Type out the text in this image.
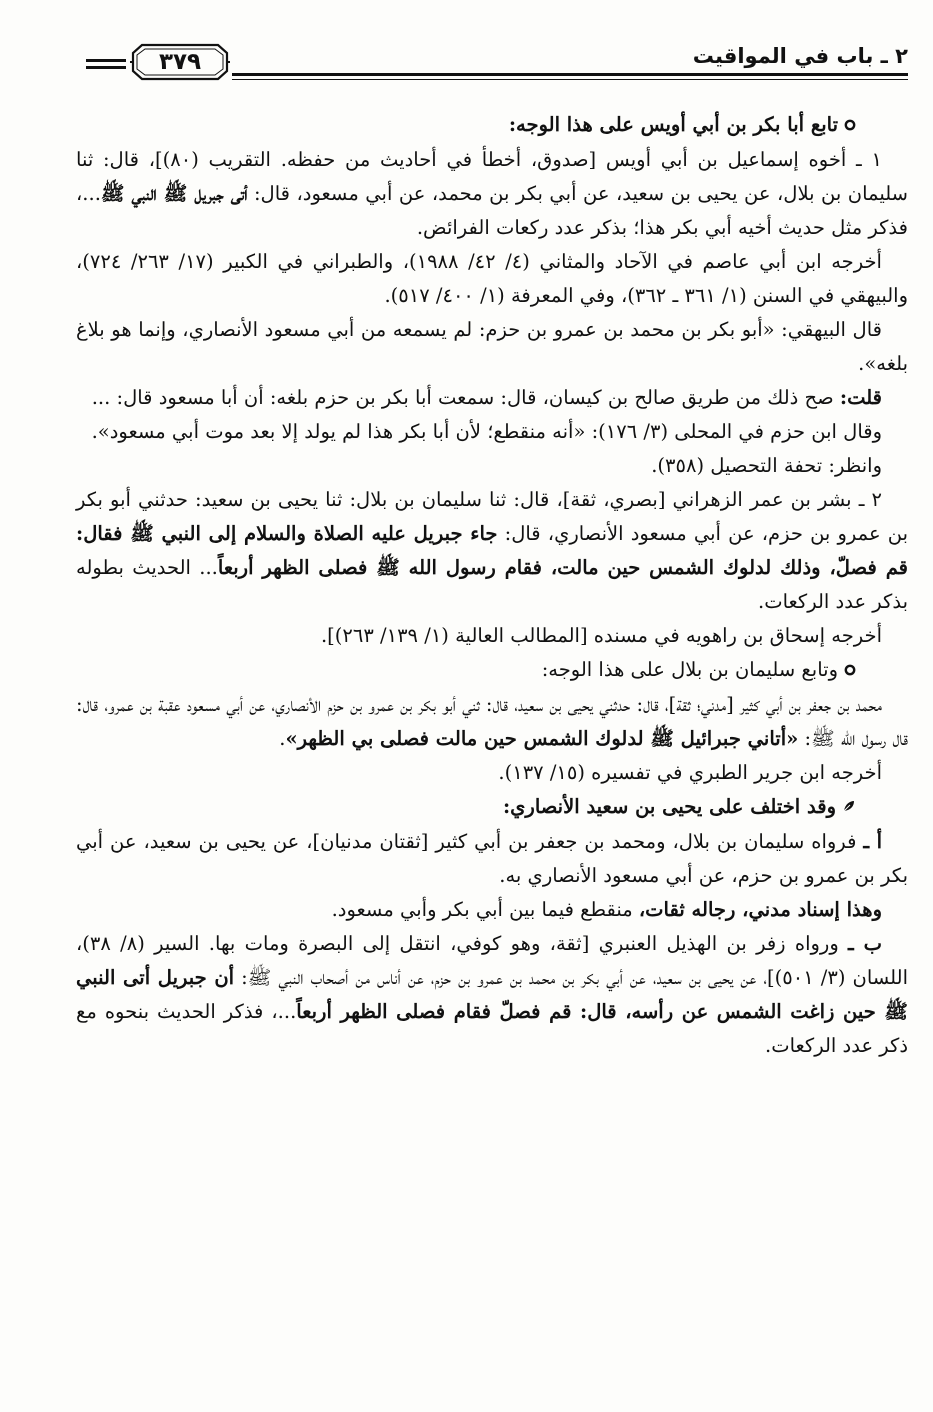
٢ ـ باب في المواقيت
٣٧٩

تابع أبا بكر بن أبي أويس على هذا الوجه:

١ ـ أخوه إسماعيل بن أبي أويس [صدوق، أخطأ في أحاديث من حفظه. التقريب (٨٠)]، قال: ثنا سليمان بن بلال، عن يحيى بن سعيد، عن أبي بكر بن محمد، عن أبي مسعود، قال: أتى جبريل ﷺ النبي ﷺ...، فذكر مثل حديث أخيه أبي بكر هذا؛ بذكر عدد ركعات الفرائض.

أخرجه ابن أبي عاصم في الآحاد والمثاني (٤/ ٤٢/ ١٩٨٨)، والطبراني في الكبير (١٧/ ٢٦٣/ ٧٢٤)، والبيهقي في السنن (١/ ٣٦١ ـ ٣٦٢)، وفي المعرفة (١/ ٤٠٠/ ٥١٧).

قال البيهقي: «أبو بكر بن محمد بن عمرو بن حزم: لم يسمعه من أبي مسعود الأنصاري، وإنما هو بلاغ بلغه».

قلت: صح ذلك من طريق صالح بن كيسان، قال: سمعت أبا بكر بن حزم بلغه: أن أبا مسعود قال: ...

وقال ابن حزم في المحلى (٣/ ١٧٦): «أنه منقطع؛ لأن أبا بكر هذا لم يولد إلا بعد موت أبي مسعود».

وانظر: تحفة التحصيل (٣٥٨).

٢ ـ بشر بن عمر الزهراني [بصري، ثقة]، قال: ثنا سليمان بن بلال: ثنا يحيى بن سعيد: حدثني أبو بكر بن عمرو بن حزم، عن أبي مسعود الأنصاري، قال: جاء جبريل عليه الصلاة والسلام إلى النبي ﷺ فقال: قم فصلّ، وذلك لدلوك الشمس حين مالت، فقام رسول الله ﷺ فصلى الظهر أربعاً... الحديث بطوله بذكر عدد الركعات.

أخرجه إسحاق بن راهويه في مسنده [المطالب العالية (١/ ١٣٩/ ٢٦٣)].

وتابع سليمان بن بلال على هذا الوجه:

محمد بن جعفر بن أبي كثير [مدني؛ ثقة]، قال: حدثني يحيى بن سعيد، قال: ثني أبو بكر بن عمرو بن حزم الأنصاري، عن أبي مسعود عقبة بن عمرو، قال: قال رسول الله ﷺ: «أتاني جبرائيل ﷺ لدلوك الشمس حين مالت فصلى بي الظهر».

أخرجه ابن جرير الطبري في تفسيره (١٥/ ١٣٧).

وقد اختلف على يحيى بن سعيد الأنصاري:

أ ـ فرواه سليمان بن بلال، ومحمد بن جعفر بن أبي كثير [ثقتان مدنيان]، عن يحيى بن سعيد، عن أبي بكر بن عمرو بن حزم، عن أبي مسعود الأنصاري به.

وهذا إسناد مدني، رجاله ثقات، منقطع فيما بين أبي بكر وأبي مسعود.

ب ـ ورواه زفر بن الهذيل العنبري [ثقة، وهو كوفي، انتقل إلى البصرة ومات بها. السير (٨/ ٣٨)، اللسان (٣/ ٥٠١)]، عن يحيى بن سعيد، عن أبي بكر بن محمد بن عمرو بن حزم، عن أناس من أصحاب النبي ﷺ: أن جبريل أتى النبي ﷺ حين زاغت الشمس عن رأسه، قال: قم فصلّ فقام فصلى الظهر أربعاً...، فذكر الحديث بنحوه مع ذكر عدد الركعات.
